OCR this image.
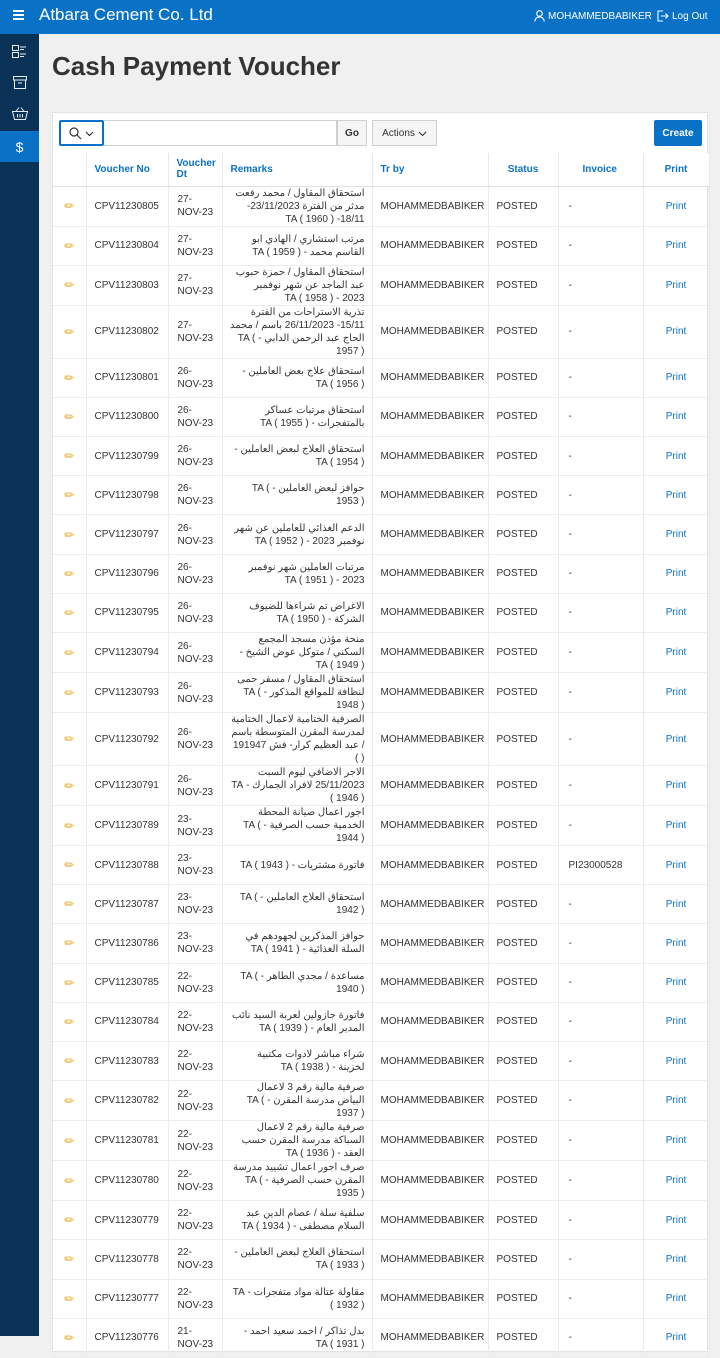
Atbara Cement Co. Ltd	MOHAMMEDBABIKER Log Out
$
Cash Payment Voucher
Go	Actions	Create
	Voucher No	Voucher Dt	Remarks	Tr by	Status	Invoice	Print
✏	CPV11230805	27-NOV-23	استحقاق المقاول / محمد رفعت مدثر من الفترة 23/11/2023-18/11- TA ( 1960 )	MOHAMMEDBABIKER	POSTED	-	Print
✏	CPV11230804	27-NOV-23	مرتب استشاري / الهادي ابو القاسم محمد - TA ( 1959 )	MOHAMMEDBABIKER	POSTED	-	Print
✏	CPV11230803	27-NOV-23	استحقاق المقاول / حمزة حبوب عبد الماجد عن شهر نوفمبر 2023 - TA ( 1958 )	MOHAMMEDBABIKER	POSTED	-	Print
✏	CPV11230802	27-NOV-23	تذرية الاستراحات من الفترة 15/11- 26/11/2023 باسم / محمد الحاج عبد الرحمن الدابي - TA ( 1957 )	MOHAMMEDBABIKER	POSTED	-	Print
✏	CPV11230801	26-NOV-23	استحقاق علاج بعض العاملين - TA ( 1956 )	MOHAMMEDBABIKER	POSTED	-	Print
✏	CPV11230800	26-NOV-23	استحقاق مرتبات عساكر بالمتفجرات - TA ( 1955 )	MOHAMMEDBABIKER	POSTED	-	Print
✏	CPV11230799	26-NOV-23	استحقاق العلاج لبعض العاملين - TA ( 1954 )	MOHAMMEDBABIKER	POSTED	-	Print
✏	CPV11230798	26-NOV-23	حوافز لبعض العاملين - TA ( 1953 )	MOHAMMEDBABIKER	POSTED	-	Print
✏	CPV11230797	26-NOV-23	الدعم الغذائي للعاملين عن شهر نوفمبر 2023 - TA ( 1952 )	MOHAMMEDBABIKER	POSTED	-	Print
✏	CPV11230796	26-NOV-23	مرتبات العاملين شهر نوفمبر 2023 - TA ( 1951 )	MOHAMMEDBABIKER	POSTED	-	Print
✏	CPV11230795	26-NOV-23	الاغراض تم شراءها للضيوف الشركة - TA ( 1950 )	MOHAMMEDBABIKER	POSTED	-	Print
✏	CPV11230794	26-NOV-23	منحة مؤذن مسجد المجمع السكني / متوكل عوض الشيخ - TA ( 1949 )	MOHAMMEDBABIKER	POSTED	-	Print
✏	CPV11230793	26-NOV-23	استحقاق المقاول / مسفر حمى لنظافة للمواقع المذكور - TA ( 1948 )	MOHAMMEDBABIKER	POSTED	-	Print
✏	CPV11230792	26-NOV-23	الصرفية الختامية لاعمال الختامية لمدرسة المقرن المتوسطة باسم / عبد العظيم كرار- فش 191947 ( )	MOHAMMEDBABIKER	POSTED	-	Print
✏	CPV11230791	26-NOV-23	الاجر الاضافي ليوم السبت 25/11/2023 لافراد الجمارك - TA ( 1946 )	MOHAMMEDBABIKER	POSTED	-	Print
✏	CPV11230789	23-NOV-23	اجور اعمال صيانة المحطة الخدمية حسب الصرفية - TA ( 1944 )	MOHAMMEDBABIKER	POSTED	-	Print
✏	CPV11230788	23-NOV-23	فاتورة مشتريات - TA ( 1943 )	MOHAMMEDBABIKER	POSTED	PI23000528	Print
✏	CPV11230787	23-NOV-23	استحقاق العلاج العاملين - TA ( 1942 )	MOHAMMEDBABIKER	POSTED	-	Print
✏	CPV11230786	23-NOV-23	حوافز المذكرين لجهودهم في السلة الغذائية - TA ( 1941 )	MOHAMMEDBABIKER	POSTED	-	Print
✏	CPV11230785	22-NOV-23	مساعدة / مجدي الطاهر - TA ( 1940 )	MOHAMMEDBABIKER	POSTED	-	Print
✏	CPV11230784	22-NOV-23	فاتورة جازولين لعربة السيد نائب المدير العام - TA ( 1939 )	MOHAMMEDBABIKER	POSTED	-	Print
✏	CPV11230783	22-NOV-23	شراء مباشر لادوات مكتبية لخزينة - TA ( 1938 )	MOHAMMEDBABIKER	POSTED	-	Print
✏	CPV11230782	22-NOV-23	صرفية مالية رقم 3 لاعمال البياض مدرسة المقرن - TA ( 1937 )	MOHAMMEDBABIKER	POSTED	-	Print
✏	CPV11230781	22-NOV-23	صرفية مالية رقم 2 لاعمال السباكة مدرسة المقرن حسب العقد - TA ( 1936 )	MOHAMMEDBABIKER	POSTED	-	Print
✏	CPV11230780	22-NOV-23	صرف اجور اعمال تشييد مدرسة المقرن حسب الصرفية - TA ( 1935 )	MOHAMMEDBABIKER	POSTED	-	Print
✏	CPV11230779	22-NOV-23	سلفية سلة / عصام الدين عبد السلام مصطفى - TA ( 1934 )	MOHAMMEDBABIKER	POSTED	-	Print
✏	CPV11230778	22-NOV-23	استحقاق العلاج لبعض العاملين - TA ( 1933 )	MOHAMMEDBABIKER	POSTED	-	Print
✏	CPV11230777	22-NOV-23	مقاولة عتالة مواد متفجرات - TA ( 1932 )	MOHAMMEDBABIKER	POSTED	-	Print
✏	CPV11230776	21-NOV-23	بدل تذاكر / احمد سعيد احمد - TA ( 1931 )	MOHAMMEDBABIKER	POSTED	-	Print
